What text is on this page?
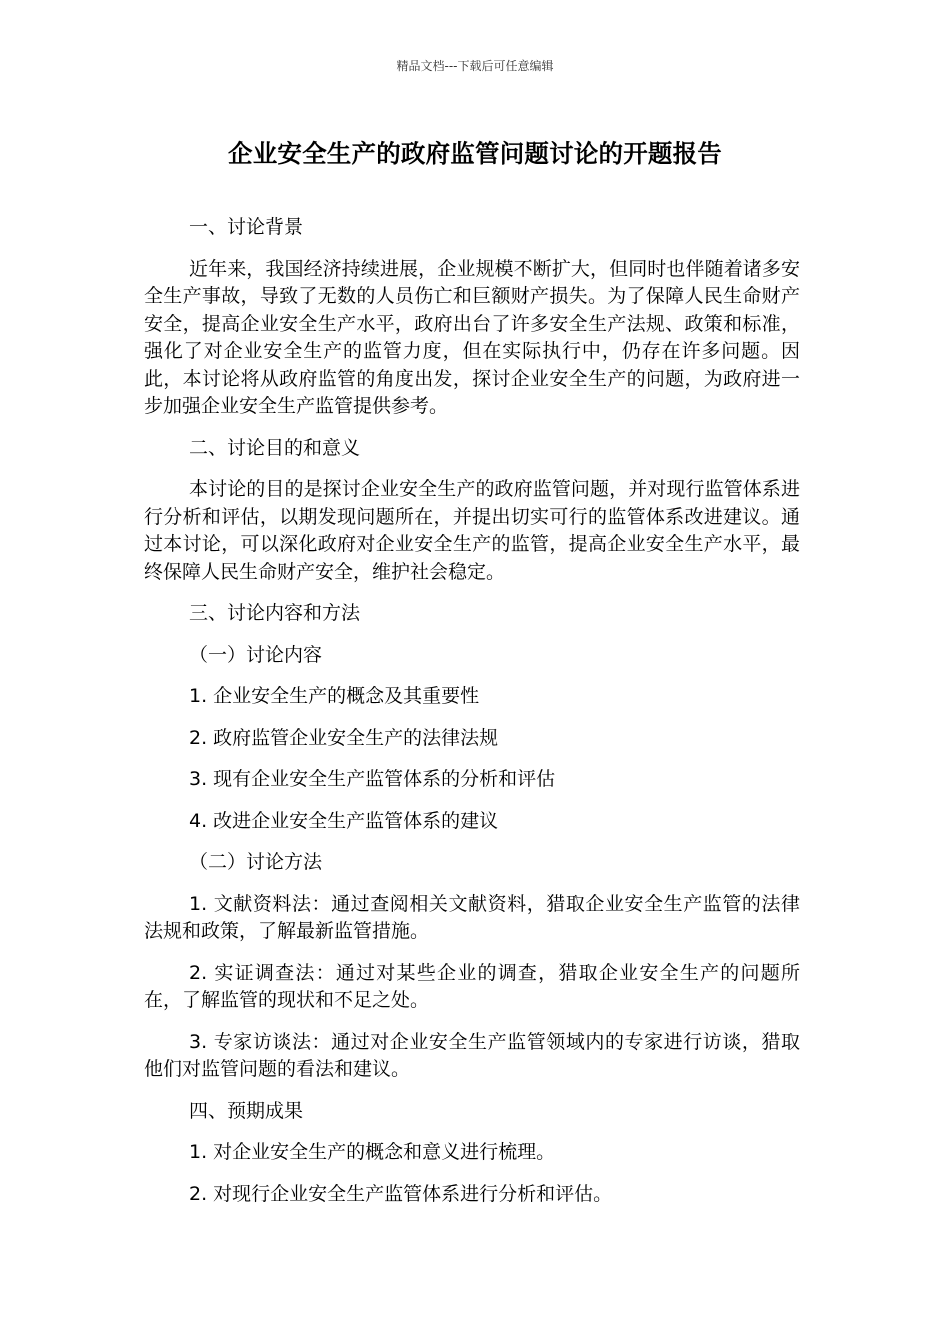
精品文档---下载后可任意编辑
企业安全生产的政府监管问题讨论的开题报告

一、讨论背景

近年来，我国经济持续进展，企业规模不断扩大，但同时也伴随着诸多安全生产事故，导致了无数的人员伤亡和巨额财产损失。为了保障人民生命财产安全，提高企业安全生产水平，政府出台了许多安全生产法规、政策和标准，强化了对企业安全生产的监管力度，但在实际执行中，仍存在许多问题。因此，本讨论将从政府监管的角度出发，探讨企业安全生产的问题，为政府进一步加强企业安全生产监管提供参考。

二、讨论目的和意义

本讨论的目的是探讨企业安全生产的政府监管问题，并对现行监管体系进行分析和评估，以期发现问题所在，并提出切实可行的监管体系改进建议。通过本讨论，可以深化政府对企业安全生产的监管，提高企业安全生产水平，最终保障人民生命财产安全，维护社会稳定。

三、讨论内容和方法

（一）讨论内容

1. 企业安全生产的概念及其重要性

2. 政府监管企业安全生产的法律法规

3. 现有企业安全生产监管体系的分析和评估

4. 改进企业安全生产监管体系的建议

（二）讨论方法

1. 文献资料法：通过查阅相关文献资料，猎取企业安全生产监管的法律法规和政策，了解最新监管措施。

2. 实证调查法：通过对某些企业的调查，猎取企业安全生产的问题所在，了解监管的现状和不足之处。

3. 专家访谈法：通过对企业安全生产监管领域内的专家进行访谈，猎取他们对监管问题的看法和建议。

四、预期成果

1. 对企业安全生产的概念和意义进行梳理。

2. 对现行企业安全生产监管体系进行分析和评估。
